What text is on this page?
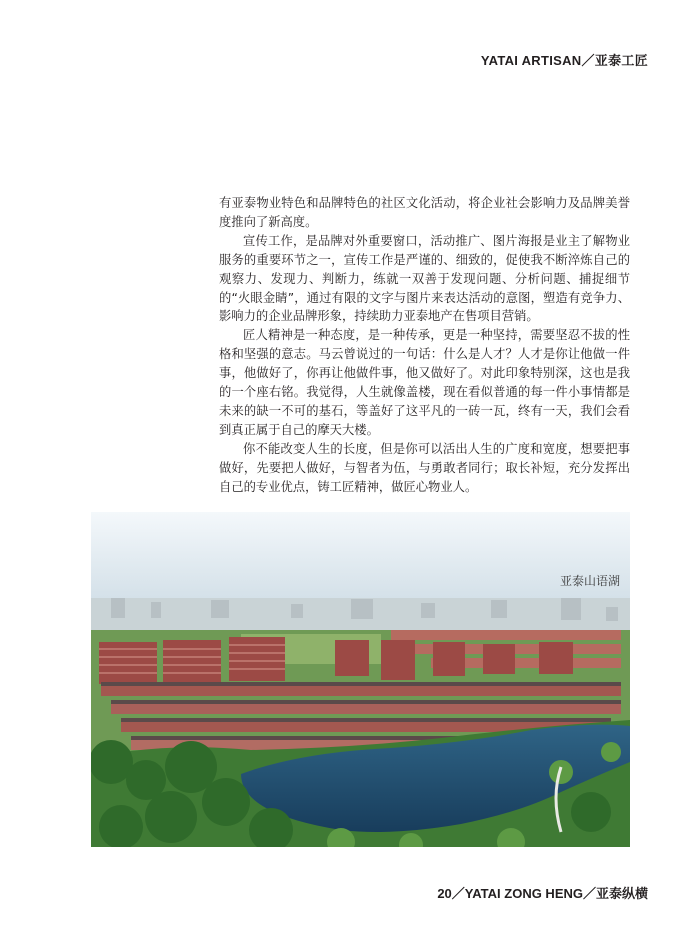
YATAI ARTISAN／亚泰工匠

有亚泰物业特色和品牌特色的社区文化活动，将企业社会影响力及品牌美誉度推向了新高度。

宣传工作，是品牌对外重要窗口，活动推广、图片海报是业主了解物业服务的重要环节之一，宣传工作是严谨的、细致的，促使我不断淬炼自己的观察力、发现力、判断力，练就一双善于发现问题、分析问题、捕捉细节的“火眼金睛”，通过有限的文字与图片来表达活动的意图，塑造有竞争力、影响力的企业品牌形象，持续助力亚泰地产在售项目营销。

匠人精神是一种态度，是一种传承，更是一种坚持，需要坚忍不拔的性格和坚强的意志。马云曾说过的一句话：什么是人才？人才是你让他做一件事，他做好了，你再让他做件事，他又做好了。对此印象特别深，这也是我的一个座右铭。我觉得，人生就像盖楼，现在看似普通的每一件小事情都是未来的缺一不可的基石，等盖好了这平凡的一砖一瓦，终有一天，我们会看到真正属于自己的摩天大楼。

你不能改变人生的长度，但是你可以活出人生的广度和宽度，想要把事做好，先要把人做好，与智者为伍，与勇敢者同行；取长补短，充分发挥出自己的专业优点，铸工匠精神，做匠心物业人。

亚泰山语湖
20／YATAI ZONG HENG／亚泰纵横
